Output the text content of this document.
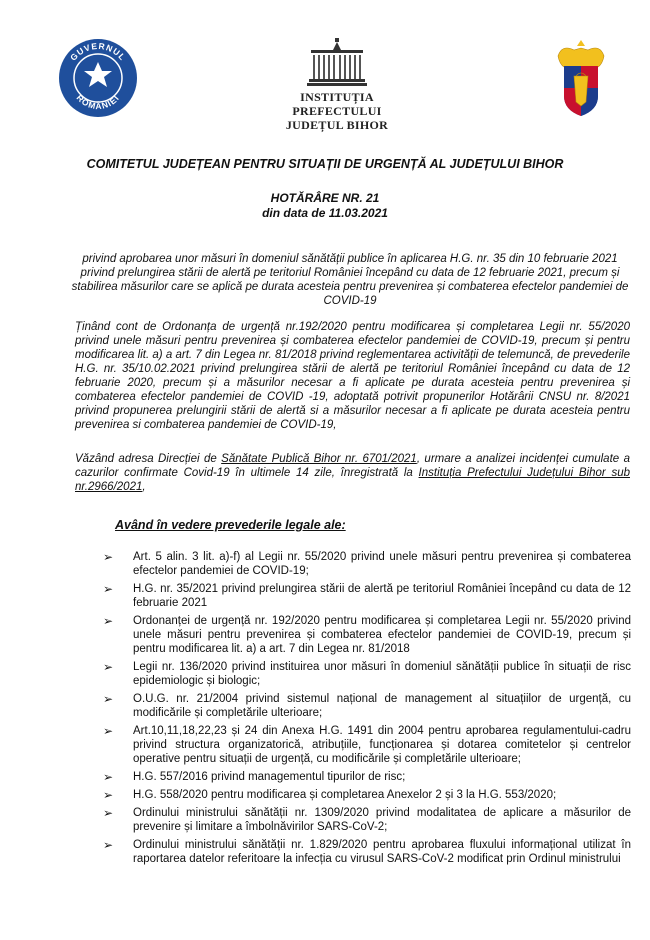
GUVERNUL
ROMÂNIEI	INSTITUȚIA PREFECTULUI
JUDEȚUL BIHOR
COMITETUL JUDEȚEAN PENTRU SITUAȚII DE URGENȚĂ AL JUDEȚULUI BIHOR
HOTĂRÂRE NR. 21
din data de 11.03.2021
privind aprobarea unor măsuri în domeniul sănătății publice în aplicarea H.G. nr. 35 din 10 februarie 2021 privind prelungirea stării de alertă pe teritoriul României începând cu data de 12 februarie 2021, precum și stabilirea măsurilor care se aplică pe durata acesteia pentru prevenirea și combaterea efectelor pandemiei de COVID-19
Ținând cont de Ordonanța de urgență nr.192/2020 pentru modificarea și completarea Legii nr. 55/2020 privind unele măsuri pentru prevenirea și combaterea efectelor pandemiei de COVID-19, precum și pentru modificarea lit. a) a art. 7 din Legea nr. 81/2018 privind reglementarea activității de telemuncă, de prevederile H.G. nr. 35/10.02.2021 privind prelungirea stării de alertă pe teritoriul României începând cu data de 12 februarie 2020, precum și a măsurilor necesar a fi aplicate pe durata acesteia pentru prevenirea și combaterea efectelor pandemiei de COVID -19, adoptată potrivit propunerilor Hotărârii CNSU nr. 8/2021 privind propunerea prelungirii stării de alertă si a măsurilor necesar a fi aplicate pe durata acesteia pentru prevenirea si combaterea pandemiei de COVID-19,
Văzând adresa Direcției de Sănătate Publică Bihor nr. 6701/2021, urmare a analizei incidenței cumulate a cazurilor confirmate Covid-19 în ultimele 14 zile, înregistrată la Instituția Prefectului Județului Bihor sub nr.2966/2021,
Având în vedere prevederile legale ale:
➢ Art. 5 alin. 3 lit. a)-f) al Legii nr. 55/2020 privind unele măsuri pentru prevenirea și combaterea efectelor pandemiei de COVID-19;
➢ H.G. nr. 35/2021 privind prelungirea stării de alertă pe teritoriul României începând cu data de 12 februarie 2021
➢ Ordonanței de urgență nr. 192/2020 pentru modificarea și completarea Legii nr. 55/2020 privind unele măsuri pentru prevenirea și combaterea efectelor pandemiei de COVID-19, precum și pentru modificarea lit. a) a art. 7 din Legea nr. 81/2018
➢ Legii nr. 136/2020 privind instituirea unor măsuri în domeniul sănătății publice în situații de risc epidemiologic și biologic;
➢ O.U.G. nr. 21/2004 privind sistemul național de management al situațiilor de urgență, cu modificările și completările ulterioare;
➢ Art.10,11,18,22,23 și 24 din Anexa H.G. 1491 din 2004 pentru aprobarea regulamentului-cadru privind structura organizatorică, atribuțiile, funcționarea și dotarea comitetelor și centrelor operative pentru situații de urgență, cu modificările și completările ulterioare;
➢ H.G. 557/2016 privind managementul tipurilor de risc;
➢ H.G. 558/2020 pentru modificarea și completarea Anexelor 2 și 3 la H.G. 553/2020;
➢ Ordinului ministrului sănătății nr. 1309/2020 privind modalitatea de aplicare a măsurilor de prevenire și limitare a îmbolnăvirilor SARS-CoV-2;
➢ Ordinului ministrului sănătății nr. 1.829/2020 pentru aprobarea fluxului informațional utilizat în raportarea datelor referitoare la infecția cu virusul SARS-CoV-2 modificat prin Ordinul ministrului
